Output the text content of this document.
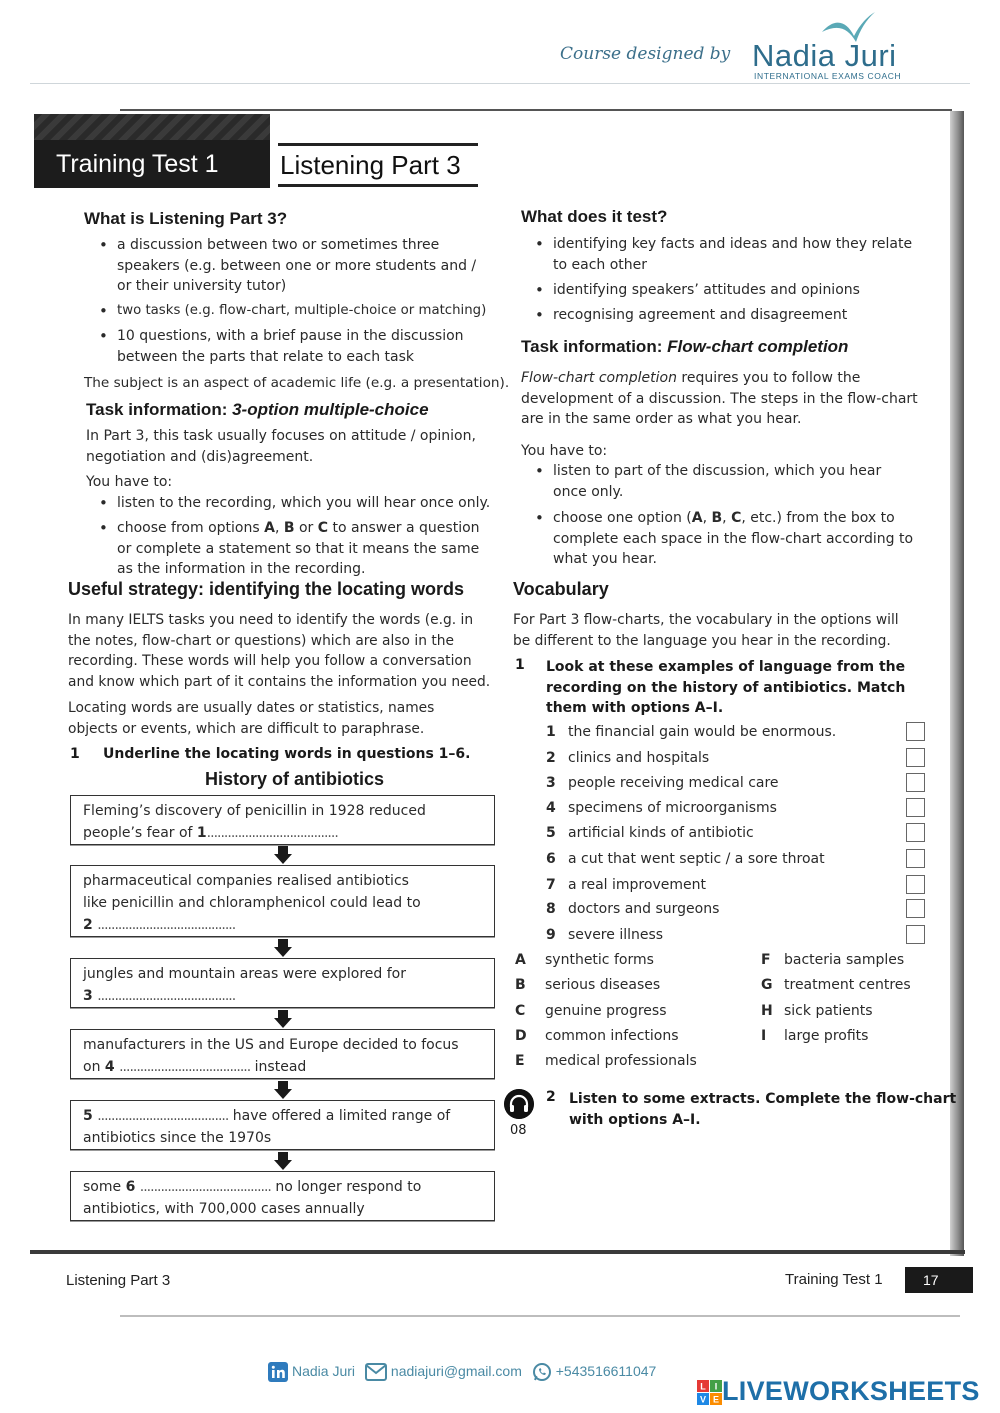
Course designed by Nadia Juri
INTERNATIONAL EXAMS COACH
Training Test 1	Listening Part 3
What is Listening Part 3?
• a discussion between two or sometimes three
speakers (e.g. between one or more students and /
or their university tutor)
• two tasks (e.g. flow-chart, multiple-choice or matching)
• 10 questions, with a brief pause in the discussion
between the parts that relate to each task
The subject is an aspect of academic life (e.g. a presentation).
Task information: 3-option multiple-choice
In Part 3, this task usually focuses on attitude / opinion,
negotiation and (dis)agreement.
You have to:
• listen to the recording, which you will hear once only.
• choose from options A, B or C to answer a question
or complete a statement so that it means the same
as the information in the recording.
Useful strategy: identifying the locating words
In many IELTS tasks you need to identify the words (e.g. in
the notes, flow-chart or questions) which are also in the
recording. These words will help you follow a conversation
and know which part of it contains the information you need.
Locating words are usually dates or statistics, names
objects or events, which are difficult to paraphrase.
1 Underline the locating words in questions 1–6.
History of antibiotics
Fleming’s discovery of penicillin in 1928 reduced
people’s fear of 1......................................
pharmaceutical companies realised antibiotics
like penicillin and chloramphenicol could lead to
2 ........................................
jungles and mountain areas were explored for
3 ........................................
manufacturers in the US and Europe decided to focus
on 4 ...................................... instead
5 ...................................... have offered a limited range of
antibiotics since the 1970s
some 6 ...................................... no longer respond to
antibiotics, with 700,000 cases annually
What does it test?
• identifying key facts and ideas and how they relate
to each other
• identifying speakers’ attitudes and opinions
• recognising agreement and disagreement
Task information: Flow-chart completion
Flow-chart completion requires you to follow the
development of a discussion. The steps in the flow-chart
are in the same order as what you hear.
You have to:
• listen to part of the discussion, which you hear
once only.
• choose one option (A, B, C, etc.) from the box to
complete each space in the flow-chart according to
what you hear.
Vocabulary
For Part 3 flow-charts, the vocabulary in the options will
be different to the language you hear in the recording.
1 Look at these examples of language from the
recording on the history of antibiotics. Match
them with options A–I.
1 the financial gain would be enormous.
2 clinics and hospitals
3 people receiving medical care
4 specimens of microorganisms
5 artificial kinds of antibiotic
6 a cut that went septic / a sore throat
7 a real improvement
8 doctors and surgeons
9 severe illness
A synthetic forms
B serious diseases
C genuine progress
D common infections
E medical professionals
F bacteria samples
G treatment centres
H sick patients
I large profits
08
2 Listen to some extracts. Complete the flow-chart
with options A–I.
Listening Part 3	Training Test 1	17
Nadia Juri	nadiajuri@gmail.com +543516611047
L I
V E LIVEWORKSHEETS
